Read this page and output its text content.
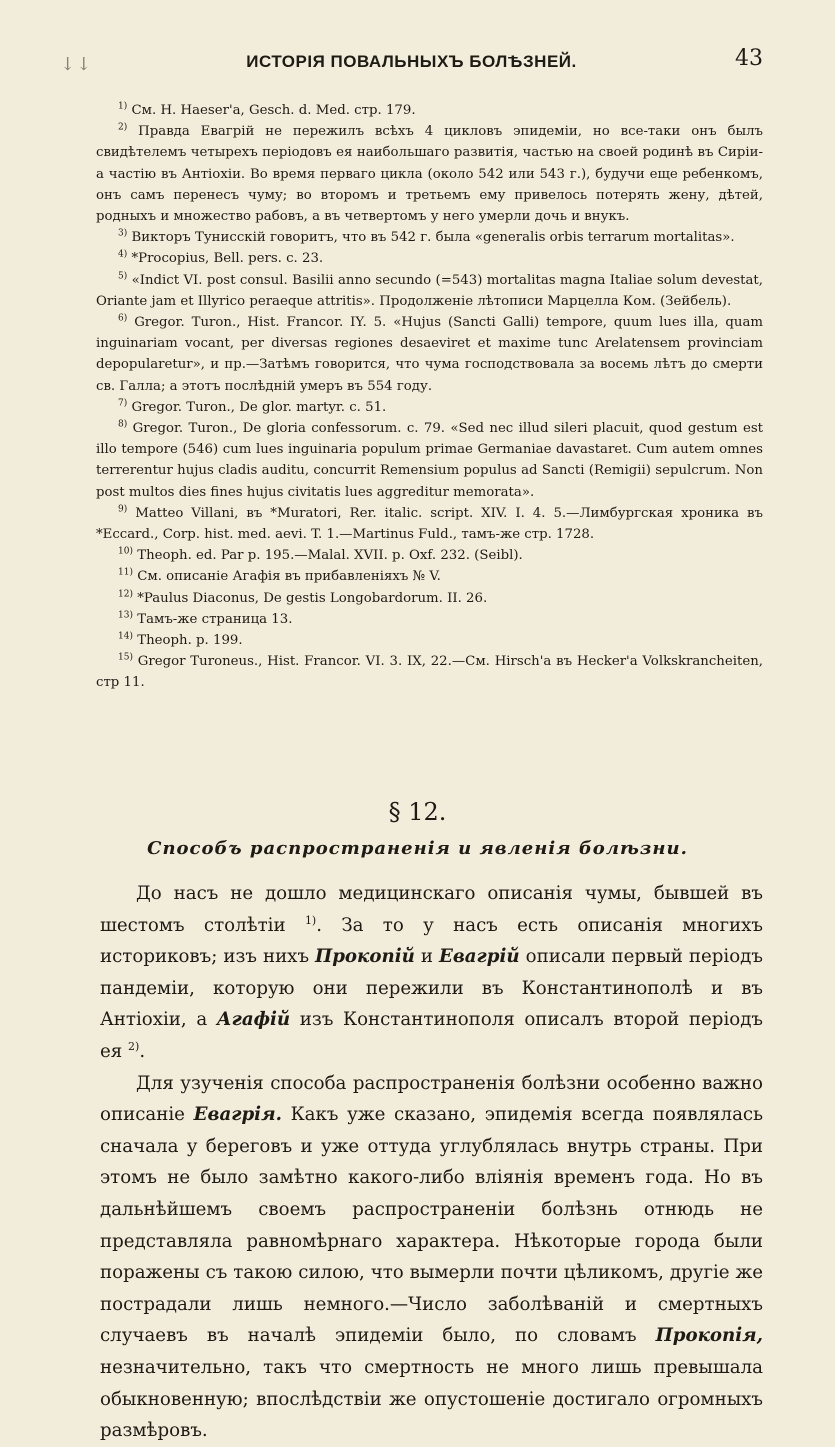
↓↓	ИСТОРІЯ ПОВАЛЬНЫХЪ БОЛѢЗНЕЙ.	43

$^{1)}$ См. H. Haeser'a, Gesch. d. Med. стр. 179.

$^{2)}$ Правда Евагрій не пережилъ всѣхъ 4 цикловъ эпидеміи, но все-таки онъ былъ свидѣтелемъ четырехъ періодовъ ея наибольшаго развитія, частью на своей родинѣ въ Сиріи-а частію въ Антіохіи. Во время перваго цикла (около 542 или 543 г.), будучи еще ребенкомъ, онъ самъ перенесъ чуму; во второмъ и третьемъ ему привелось потерять жену, дѣтей, родныхъ и множество рабовъ, а въ четвертомъ у него умерли дочь и внукъ.

$^{3)}$ Викторъ Тунисскій говоритъ, что въ 542 г. была «generalis orbis terrarum mortalitas».

$^{4)}$ *Procopius, Bell. pers. c. 23.

$^{5)}$ «Indict VI. post consul. Basilii anno secundo (=543) mortalitas magna Italiae solum devestat, Oriante jam et Illyrico peraeque attritis». Продолженіе лѣтописи Марцелла Ком. (Зейбель).

$^{6)}$ Gregor. Turon., Hist. Francor. IY. 5. «Hujus (Sancti Galli) temporе, quum lues illa, quam inguinariam vocant, per diversas regiones desaeviret et maxime tunc Arelatensem provinciam depopularetur», и пр.—Затѣмъ говорится, что чума господствовала за восемь лѣтъ до смерти св. Галла; а этотъ послѣдній умеръ въ 554 году.

$^{7)}$ Gregor. Turon., De glor. martyr. c. 51.

$^{8)}$ Gregor. Turon., De gloria confessorum. c. 79. «Sed nec illud sileri placuit, quod gestum est illo tempore (546) cum lues inguinaria populum primae Germaniae davastaret. Cum autem omnes terrerentur hujus cladis auditu, concurrit Remensium populus ad Sancti (Remigii) sepulcrum. Non post multos dies fines hujus civitatis lues aggreditur memorata».

$^{9)}$ Matteo Villani, въ *Muratori, Rer. italic. script. XIV. I. 4. 5.—Лимбургская хроника въ *Eccard., Corp. hist. med. aevi. T. 1.—Martinus Fuld., тамъ-же стр. 1728.

$^{10)}$ Theoph. ed. Par p. 195.—Malal. XVII. p. Oxf. 232. (Seibl).

$^{11)}$ См. описаніе Агафія въ прибавленіяхъ № V.

$^{12)}$ *Paulus Diaconus, De gestis Longobardorum. II. 26.

$^{13)}$ Тамъ-же страница 13.

$^{14)}$ Theoph. p. 199.

$^{15)}$ Gregor Turoneus., Hist. Francor. VI. 3. IX, 22.—См. Hirsch'a въ Hecker'a Volkskrancheiten, стр 11.

§ 12.
Способъ распространенія и явленія болѣзни.

До насъ не дошло медицинскаго описанія чумы, бывшей въ шестомъ столѣтіи $^{1)}$. За то у насъ есть описанія многихъ историковъ; изъ нихъ Прокопій и Евагрій описали первый періодъ пандеміи, которую они пережили въ Константинополѣ и въ Антіохіи, а Агафій изъ Константинополя описалъ второй періодъ ея $^{2)}$.

Для узученія способа распространенія болѣзни особенно важно описаніе Евагрія. Какъ уже сказано, эпидемія всегда появлялась сначала у береговъ и уже оттуда углублялась внутрь страны. При этомъ не было замѣтно какого-либо вліянія временъ года. Но въ дальнѣйшемъ своемъ распространеніи болѣзнь отнюдь не представляла равномѣрнаго характера. Нѣкоторые города были поражены съ такою силою, что вымерли почти цѣликомъ, другіе же пострадали лишь немного.—Число заболѣваній и смертныхъ случаевъ въ началѣ эпидеміи было, по словамъ Прокопія, незначительно, такъ что смертность не много лишь превышала обыкновенную; впослѣдствіи же опустошеніе достигало огромныхъ размѣровъ.
